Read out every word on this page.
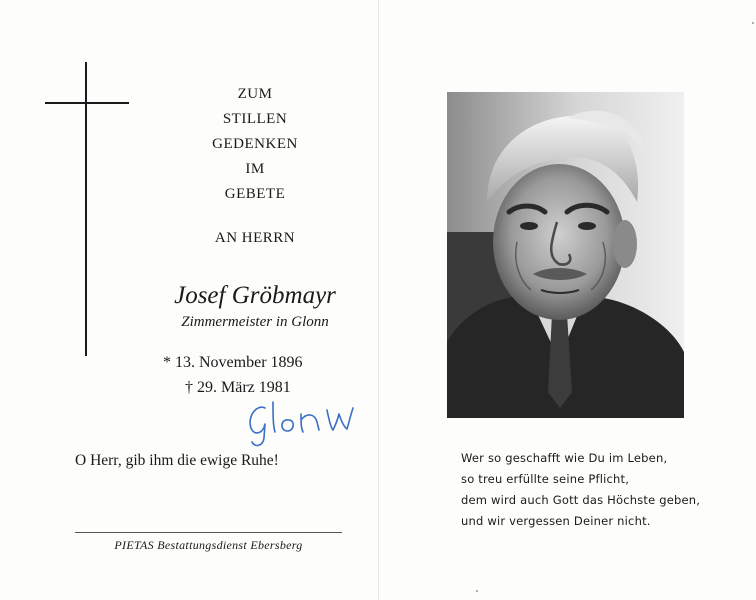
ZUM
STILLEN
GEDENKEN
IM
GEBETE
AN HERRN
Josef Gröbmayr
Zimmermeister in Glonn
* 13. November 1896
† 29. März 1981
O Herr, gib ihm die ewige Ruhe!
PIETAS Bestattungsdienst Ebersberg
Wer so geschafft wie Du im Leben,
so treu erfüllte seine Pflicht,
dem wird auch Gott das Höchste geben,
und wir vergessen Deiner nicht.
